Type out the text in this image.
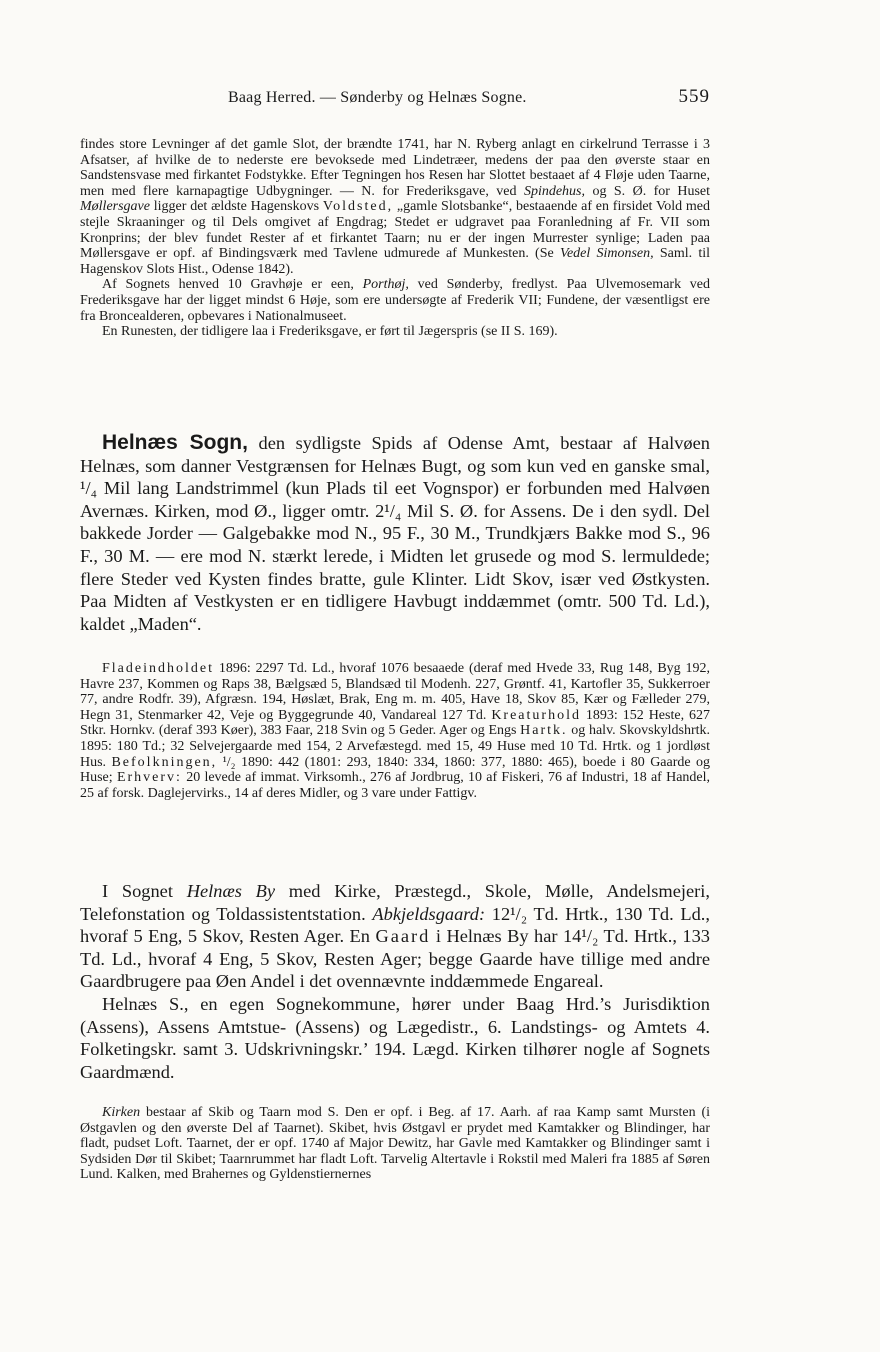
Baag Herred. — Sønderby og Helnæs Sogne.	559

findes store Levninger af det gamle Slot, der brændte 1741, har N. Ryberg anlagt en cirkelrund Terrasse i 3 Afsatser, af hvilke de to nederste ere bevoksede med Lindetræer, medens der paa den øverste staar en Sandstensvase med firkantet Fodstykke. Efter Tegningen hos Resen har Slottet bestaaet af 4 Fløje uden Taarne, men med flere karnapagtige Udbygninger. — N. for Frederiksgave, ved Spindehus, og S. Ø. for Huset Møllersgave ligger det ældste Hagenskovs Voldsted, „gamle Slotsbanke“, bestaaende af en firsidet Vold med stejle Skraaninger og til Dels omgivet af Engdrag; Stedet er udgravet paa Foranledning af Fr. VII som Kronprins; der blev fundet Rester af et firkantet Taarn; nu er der ingen Murrester synlige; Laden paa Møllersgave er opf. af Bindingsværk med Tavlene udmurede af Munkesten. (Se Vedel Simonsen, Saml. til Hagenskov Slots Hist., Odense 1842).

Af Sognets henved 10 Gravhøje er een, Porthøj, ved Sønderby, fredlyst. Paa Ulvemosemark ved Frederiksgave har der ligget mindst 6 Høje, som ere undersøgte af Frederik VII; Fundene, der væsentligst ere fra Broncealderen, opbevares i Nationalmuseet.

En Runesten, der tidligere laa i Frederiksgave, er ført til Jægerspris (se II S. 169).

Helnæs Sogn, den sydligste Spids af Odense Amt, bestaar af Halvøen Helnæs, som danner Vestgrænsen for Helnæs Bugt, og som kun ved en ganske smal, ¹/₄ Mil lang Landstrimmel (kun Plads til eet Vognspor) er forbunden med Halvøen Avernæs. Kirken, mod Ø., ligger omtr. 2¹/₄ Mil S. Ø. for Assens. De i den sydl. Del bakkede Jorder — Galgebakke mod N., 95 F., 30 M., Trundkjærs Bakke mod S., 96 F., 30 M. — ere mod N. stærkt lerede, i Midten let grusede og mod S. lermuldede; flere Steder ved Kysten findes bratte, gule Klinter. Lidt Skov, især ved Østkysten. Paa Midten af Vestkysten er en tidligere Havbugt inddæmmet (omtr. 500 Td. Ld.), kaldet „Maden“.

Fladeindholdet 1896: 2297 Td. Ld., hvoraf 1076 besaaede (deraf med Hvede 33, Rug 148, Byg 192, Havre 237, Kommen og Raps 38, Bælgsæd 5, Blandsæd til Modenh. 227, Grøntf. 41, Kartofler 35, Sukkerroer 77, andre Rodfr. 39), Afgræsn. 194, Høslæt, Brak, Eng m. m. 405, Have 18, Skov 85, Kær og Fælleder 279, Hegn 31, Stenmarker 42, Veje og Byggegrunde 40, Vandareal 127 Td. Kreaturhold 1893: 152 Heste, 627 Stkr. Hornkv. (deraf 393 Køer), 383 Faar, 218 Svin og 5 Geder. Ager og Engs Hartk. og halv. Skovskyldshrtk. 1895: 180 Td.; 32 Selvejergaarde med 154, 2 Arvefæstegd. med 15, 49 Huse med 10 Td. Hrtk. og 1 jordløst Hus. Befolkningen, ¹/₂ 1890: 442 (1801: 293, 1840: 334, 1860: 377, 1880: 465), boede i 80 Gaarde og Huse; Erhverv: 20 levede af immat. Virksomh., 276 af Jordbrug, 10 af Fiskeri, 76 af Industri, 18 af Handel, 25 af forsk. Daglejervirks., 14 af deres Midler, og 3 vare under Fattigv.

I Sognet Helnæs By med Kirke, Præstegd., Skole, Mølle, Andelsmejeri, Telefonstation og Toldassistentstation. Abkjeldsgaard: 12¹/₂ Td. Hrtk., 130 Td. Ld., hvoraf 5 Eng, 5 Skov, Resten Ager. En Gaard i Helnæs By har 14¹/₂ Td. Hrtk., 133 Td. Ld., hvoraf 4 Eng, 5 Skov, Resten Ager; begge Gaarde have tillige med andre Gaardbrugere paa Øen Andel i det ovennævnte inddæmmede Engareal.

Helnæs S., en egen Sognekommune, hører under Baag Hrd.’s Jurisdiktion (Assens), Assens Amtstue- (Assens) og Lægedistr., 6. Landstings- og Amtets 4. Folketingskr. samt 3. Udskrivningskr.’ 194. Lægd. Kirken tilhører nogle af Sognets Gaardmænd.

Kirken bestaar af Skib og Taarn mod S. Den er opf. i Beg. af 17. Aarh. af raa Kamp samt Mursten (i Østgavlen og den øverste Del af Taarnet). Skibet, hvis Østgavl er prydet med Kamtakker og Blindinger, har fladt, pudset Loft. Taarnet, der er opf. 1740 af Major Dewitz, har Gavle med Kamtakker og Blindinger samt i Sydsiden Dør til Skibet; Taarnrummet har fladt Loft. Tarvelig Altertavle i Rokstil med Maleri fra 1885 af Søren Lund. Kalken, med Brahernes og Gyldenstiernernes
